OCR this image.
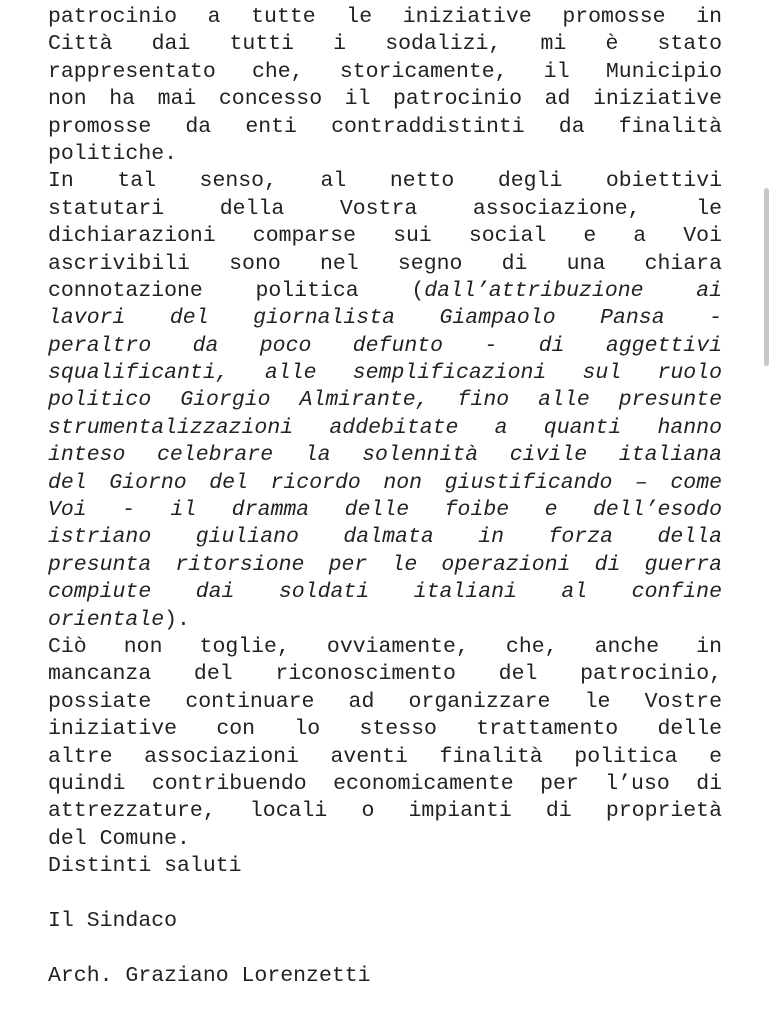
patrocinio a tutte le iniziative promosse in
Città dai tutti i sodalizi, mi è stato
rappresentato che, storicamente, il Municipio
non ha mai concesso il patrocinio ad iniziative
promosse da enti contraddistinti da finalità
politiche.
In tal senso, al netto degli obiettivi
statutari della Vostra associazione, le
dichiarazioni comparse sui social e a Voi
ascrivibili sono nel segno di una chiara
connotazione politica (dall’attribuzione ai
lavori del giornalista Giampaolo Pansa -
peraltro da poco defunto - di aggettivi
squalificanti, alle semplificazioni sul ruolo
politico Giorgio Almirante, fino alle presunte
strumentalizzazioni addebitate a quanti hanno
inteso celebrare la solennità civile italiana
del Giorno del ricordo non giustificando – come
Voi - il dramma delle foibe e dell’esodo
istriano giuliano dalmata in forza della
presunta ritorsione per le operazioni di guerra
compiute dai soldati italiani al confine
orientale).
Ciò non toglie, ovviamente, che, anche in
mancanza del riconoscimento del patrocinio,
possiate continuare ad organizzare le Vostre
iniziative con lo stesso trattamento delle
altre associazioni aventi finalità politica e
quindi contribuendo economicamente per l’uso di
attrezzature, locali o impianti di proprietà
del Comune.
Distinti saluti
Il Sindaco
Arch. Graziano Lorenzetti
